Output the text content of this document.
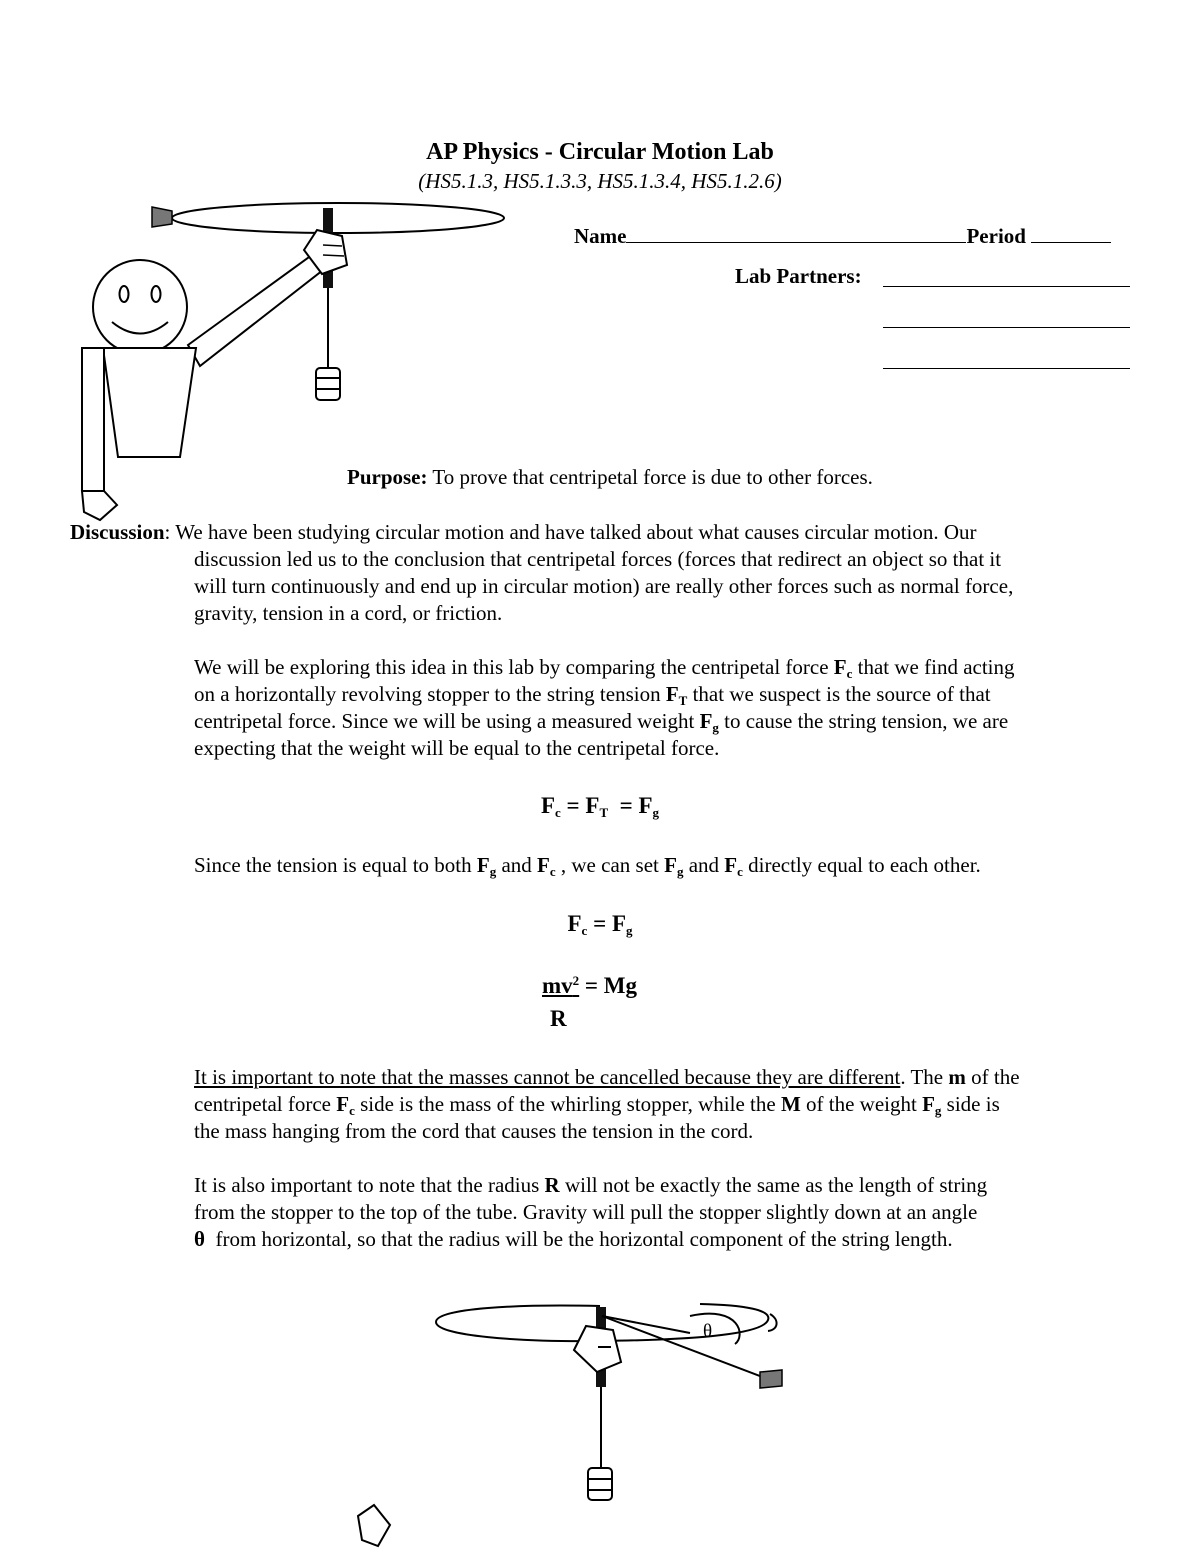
AP Physics - Circular Motion Lab
(HS5.1.3, HS5.1.3.3, HS5.1.3.4, HS5.1.2.6)
Name	Period
Lab Partners:
Purpose: To prove that centripetal force is due to other forces.
Discussion: We have been studying circular motion and have talked about what causes circular motion. Our
discussion led us to the conclusion that centripetal forces (forces that redirect an object so that it
will turn continuously and end up in circular motion) are really other forces such as normal force,
gravity, tension in a cord, or friction.
We will be exploring this idea in this lab by comparing the centripetal force $F_c$ that we find acting
on a horizontally revolving stopper to the string tension $F_T$ that we suspect is the source of that
centripetal force. Since we will be using a measured weight $F_g$ to cause the string tension, we are
expecting that the weight will be equal to the centripetal force.
$F_c = F_T = F_g$
Since the tension is equal to both $F_g$ and $F_c$ , we can set $F_g$ and $F_c$ directly equal to each other.
$F_c = F_g$
$mv^2 = Mg$
R
It is important to note that the masses cannot be cancelled because they are different. The m of the
centripetal force $F_c$ side is the mass of the whirling stopper, while the M of the weight $F_g$ side is
the mass hanging from the cord that causes the tension in the cord.
It is also important to note that the radius R will not be exactly the same as the length of string
from the stopper to the top of the tube. Gravity will pull the stopper slightly down at an angle
θ from horizontal, so that the radius will be the horizontal component of the string length.
θ
